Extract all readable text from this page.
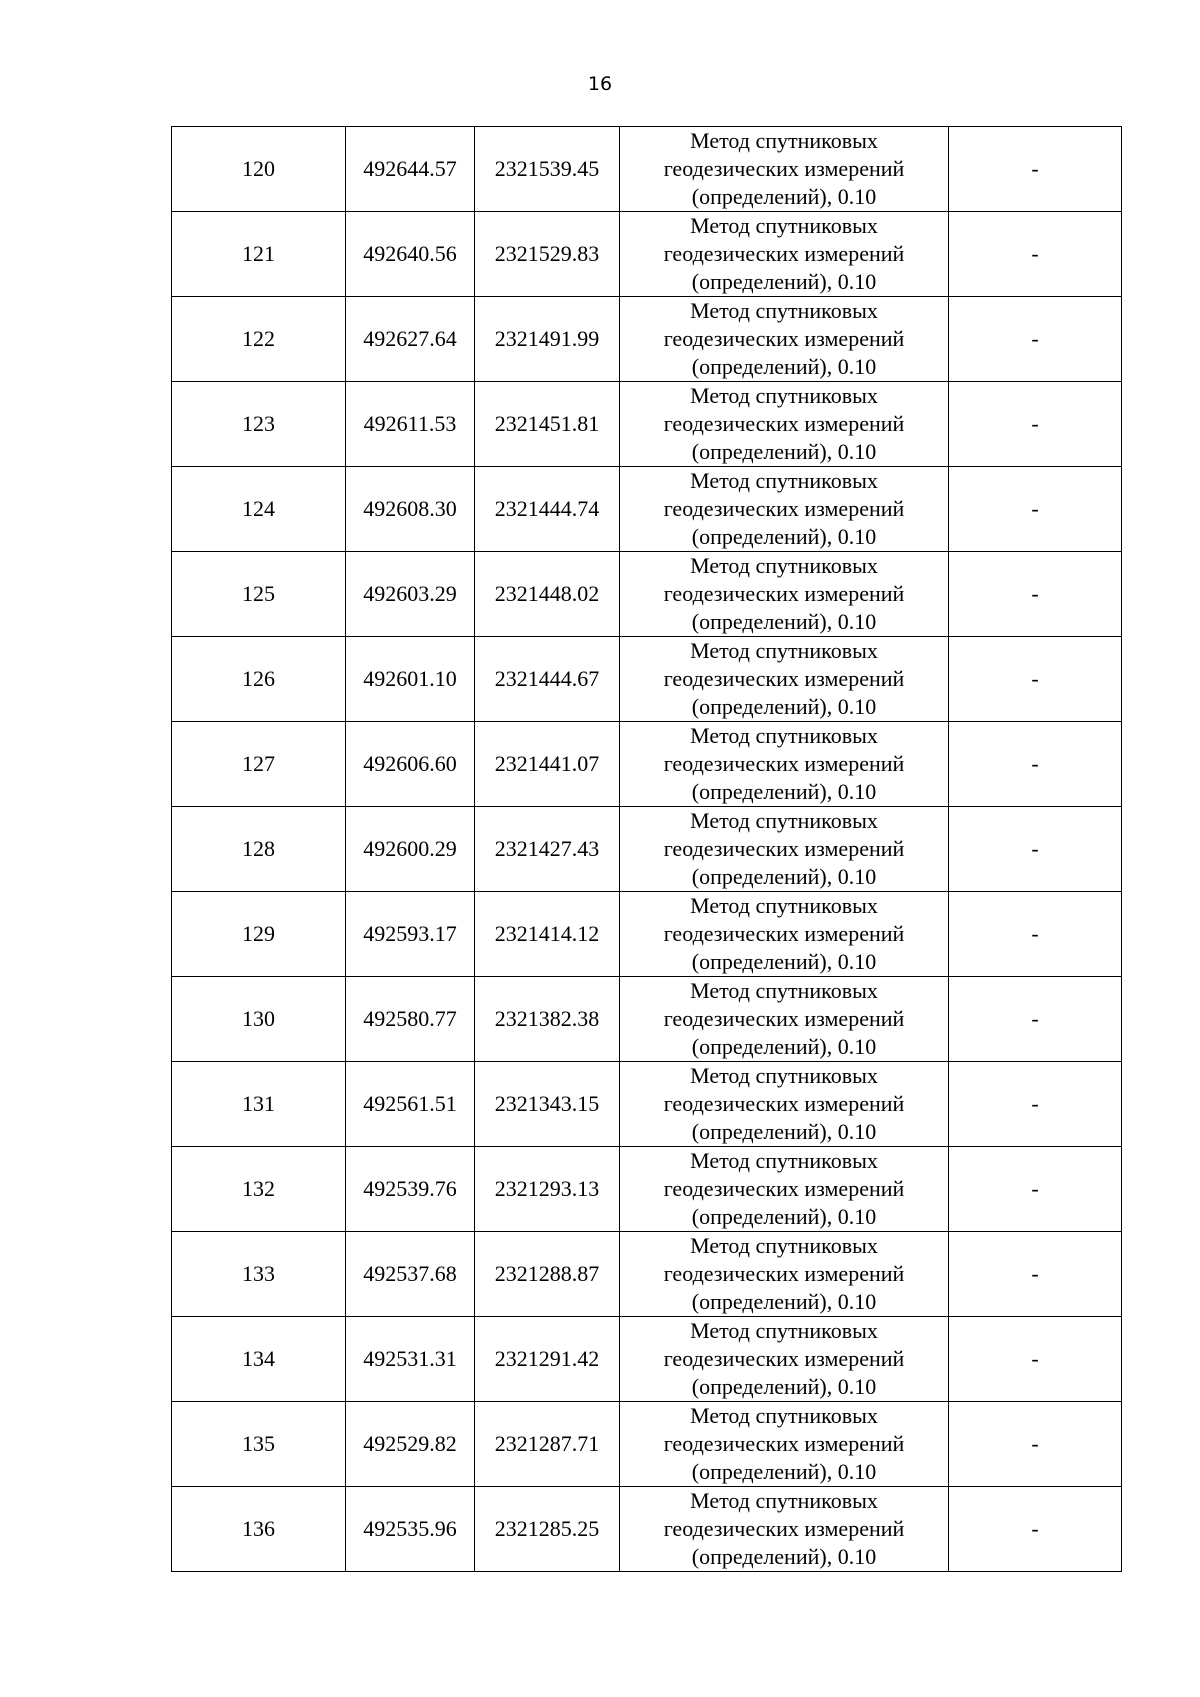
16
120	492644.57	2321539.45	Метод спутниковых
геодезических измерений
(определений), 0.10	-
121	492640.56	2321529.83	Метод спутниковых
геодезических измерений
(определений), 0.10	-
122	492627.64	2321491.99	Метод спутниковых
геодезических измерений
(определений), 0.10	-
123	492611.53	2321451.81	Метод спутниковых
геодезических измерений
(определений), 0.10	-
124	492608.30	2321444.74	Метод спутниковых
геодезических измерений
(определений), 0.10	-
125	492603.29	2321448.02	Метод спутниковых
геодезических измерений
(определений), 0.10	-
126	492601.10	2321444.67	Метод спутниковых
геодезических измерений
(определений), 0.10	-
127	492606.60	2321441.07	Метод спутниковых
геодезических измерений
(определений), 0.10	-
128	492600.29	2321427.43	Метод спутниковых
геодезических измерений
(определений), 0.10	-
129	492593.17	2321414.12	Метод спутниковых
геодезических измерений
(определений), 0.10	-
130	492580.77	2321382.38	Метод спутниковых
геодезических измерений
(определений), 0.10	-
131	492561.51	2321343.15	Метод спутниковых
геодезических измерений
(определений), 0.10	-
132	492539.76	2321293.13	Метод спутниковых
геодезических измерений
(определений), 0.10	-
133	492537.68	2321288.87	Метод спутниковых
геодезических измерений
(определений), 0.10	-
134	492531.31	2321291.42	Метод спутниковых
геодезических измерений
(определений), 0.10	-
135	492529.82	2321287.71	Метод спутниковых
геодезических измерений
(определений), 0.10	-
136	492535.96	2321285.25	Метод спутниковых
геодезических измерений
(определений), 0.10	-
